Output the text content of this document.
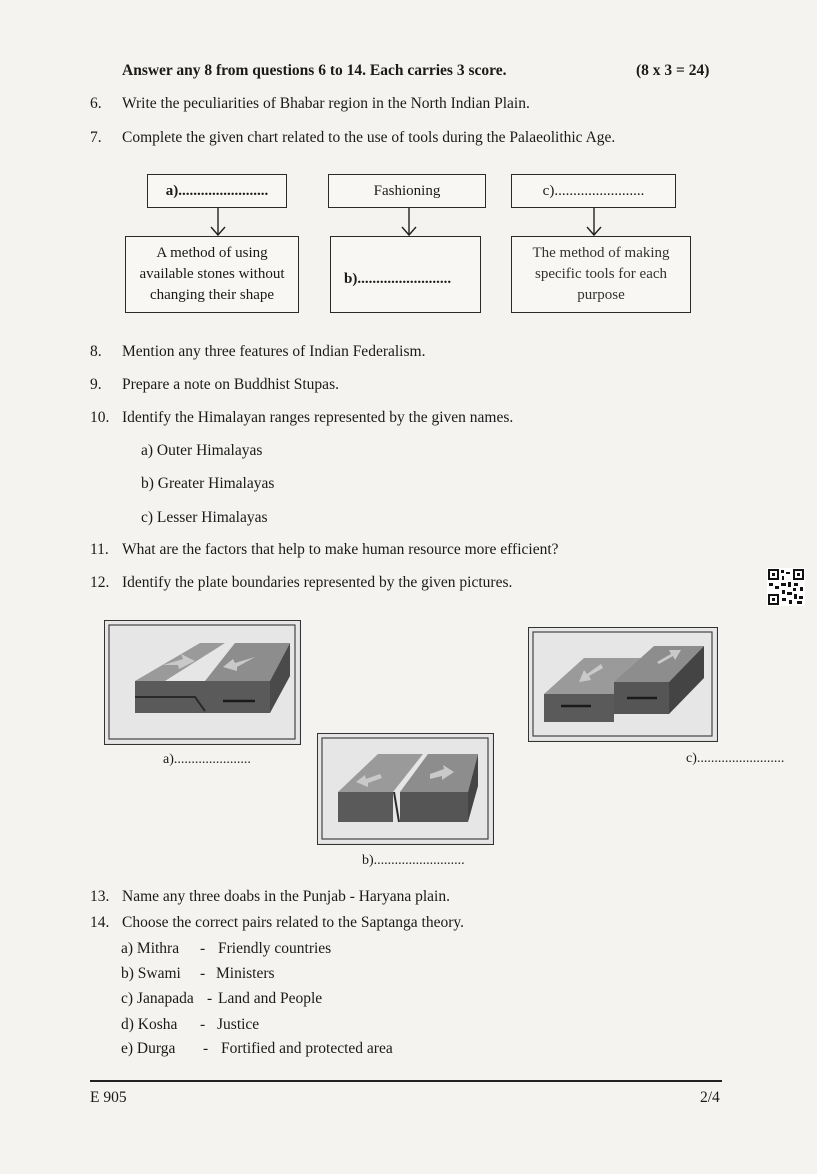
Answer any 8 from questions 6 to 14. Each carries 3 score.	(8 x 3 = 24)
6. Write the peculiarities of Bhabar region in the North Indian Plain.
7. Complete the given chart related to the use of tools during the Palaeolithic Age.
a)........................	Fashioning	c)........................
A method of using
available stones without
changing their shape
b).........................
The method of making
specific tools for each
purpose
8. Mention any three features of Indian Federalism.
9. Prepare a note on Buddhist Stupas.
10. Identify the Himalayan ranges represented by the given names.
a) Outer Himalayas
b) Greater Himalayas
c) Lesser Himalayas
11. What are the factors that help to make human resource more efficient?
12. Identify the plate boundaries represented by the given pictures.
a)......................
b)..........................
c).........................
13. Name any three doabs in the Punjab - Haryana plain.
14. Choose the correct pairs related to the Saptanga theory.
a) Mithra - Friendly countries
b) Swami - Ministers
c) Janapada - Land and People
d) Kosha - Justice
e) Durga - Fortified and protected area
E 905	2/4
